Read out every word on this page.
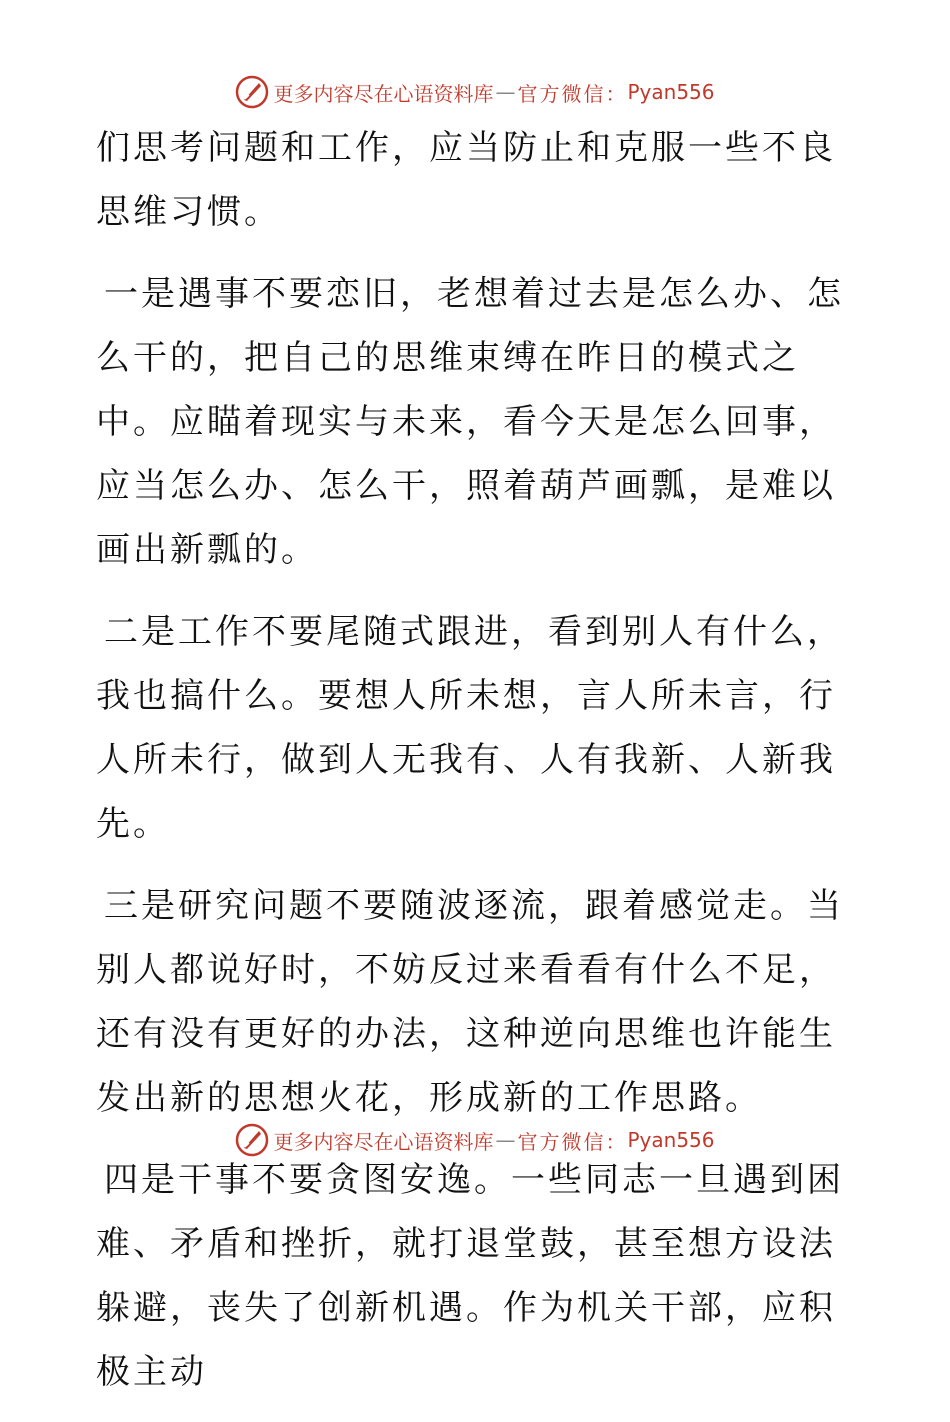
更多内容尽在心语资料库 — 官方微信： Pyan556

们思考问题和工作，应当防止和克服一些不良思维习惯。

一是遇事不要恋旧，老想着过去是怎么办、怎么干的，把自己的思维束缚在昨日的模式之中。应瞄着现实与未来，看今天是怎么回事，应当怎么办、怎么干，照着葫芦画瓢，是难以画出新瓢的。

二是工作不要尾随式跟进，看到别人有什么，我也搞什么。要想人所未想，言人所未言，行人所未行，做到人无我有、人有我新、人新我先。

三是研究问题不要随波逐流，跟着感觉走。当别人都说好时，不妨反过来看看有什么不足，还有没有更好的办法，这种逆向思维也许能生发出新的思想火花，形成新的工作思路。

四是干事不要贪图安逸。一些同志一旦遇到困难、矛盾和挫折，就打退堂鼓，甚至想方设法躲避，丧失了创新机遇。作为机关干部，应积极主动

更多内容尽在心语资料库 — 官方微信： Pyan556
